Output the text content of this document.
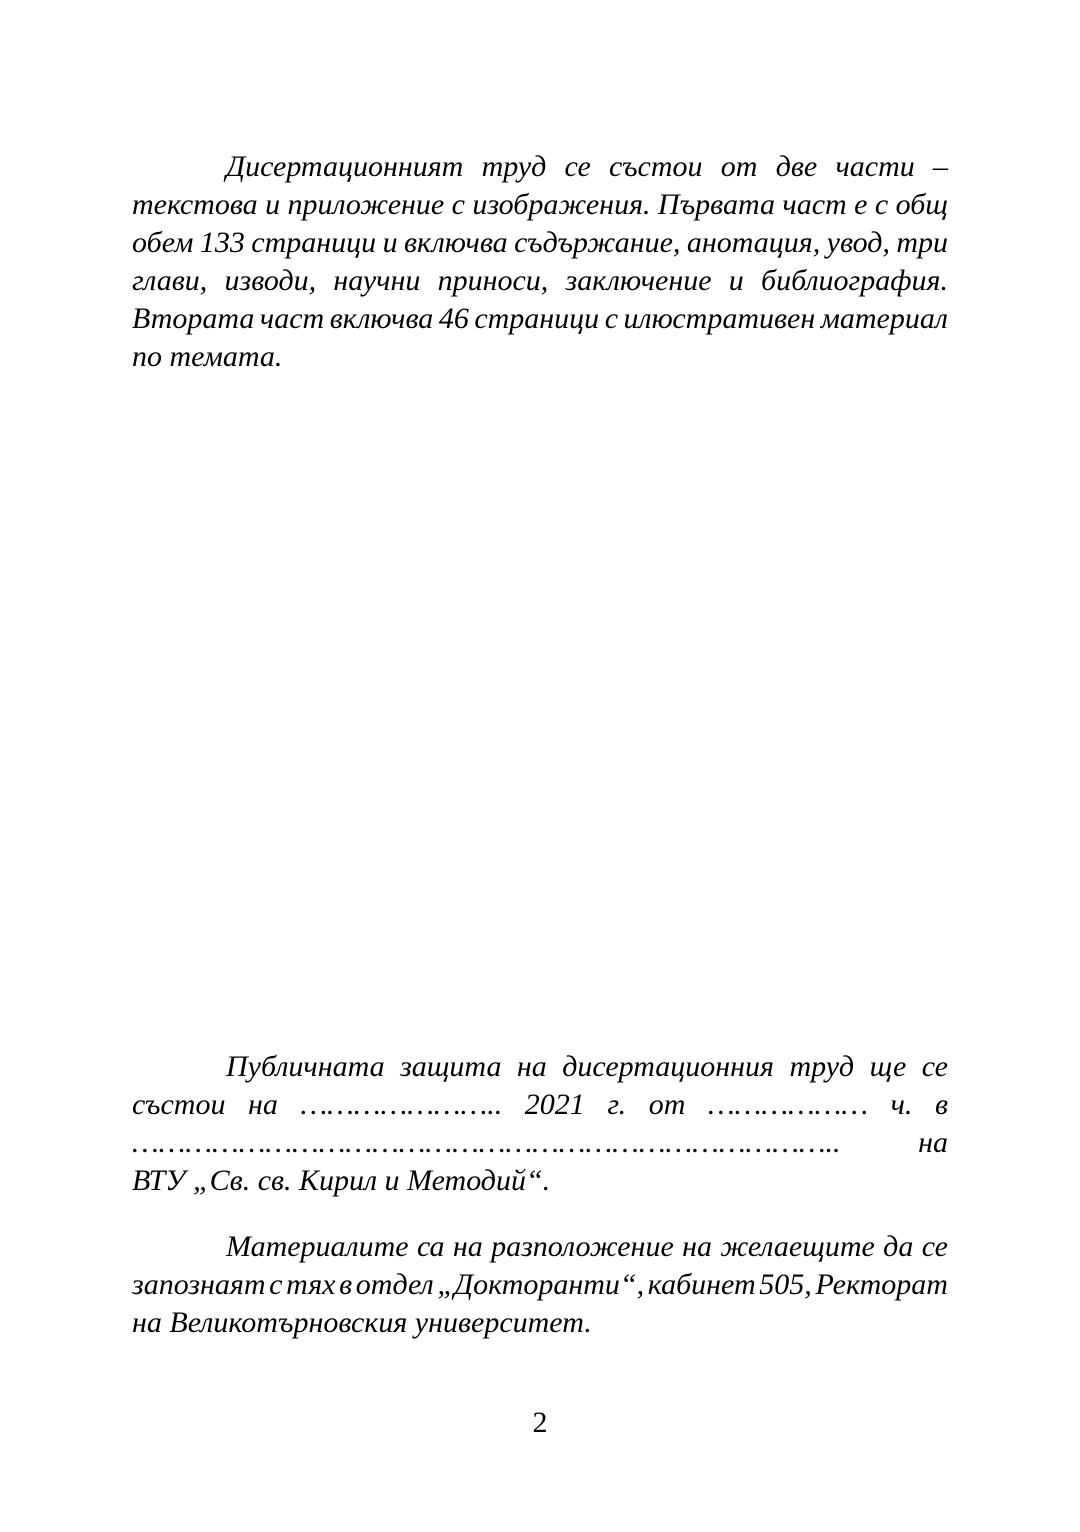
Дисертационният труд се състои от две части –
текстова и приложение с изображения. Първата част е с общ
обем 133 страници и включва съдържание, анотация, увод, три
глави, изводи, научни приноси, заключение и библиография.
Втората част включва 46 страници с илюстративен материал
по темата.
Публичната защита на дисертационния труд ще се
състои на ………………….. 2021 г. от ……………… ч. в
……………………………………………………………………..	на
ВТУ „Св. св. Кирил и Методий“.
Материалите са на разположение на желаещите да се
запознаят с тях в отдел „Докторанти“, кабинет 505, Ректорат
на Великотърновския университет.
2
